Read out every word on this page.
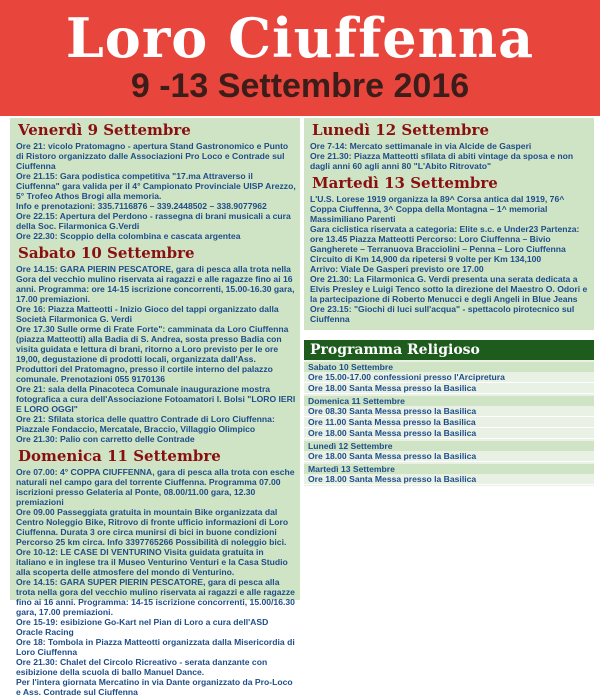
Loro Ciuffenna
9 -13 Settembre 2016
Venerdì 9 Settembre
Ore 21: vicolo Pratomagno - apertura Stand Gastronomico e Punto di Ristoro organizzato dalle Associazioni Pro Loco e Contrade sul Ciuffenna
Ore 21.15: Gara podistica competitiva "17.ma Attraverso il Ciuffenna" gara valida per il 4° Campionato Provinciale UISP Arezzo, 5° Trofeo Athos Brogi alla memoria.
Info e prenotazioni: 335.7116876 – 339.2448502 – 338.9077962
Ore 22.15: Apertura del Perdono - rassegna di brani musicali a cura della Soc. Filarmonica G.Verdi
Ore 22.30: Scoppio della colombina e cascata argentea
Sabato 10 Settembre
Ore 14.15: GARA PIERIN PESCATORE, gara di pesca alla trota nella Gora del vecchio mulino riservata ai ragazzi e alle ragazze fino ai 16 anni. Programma: ore 14-15 iscrizione concorrenti, 15.00-16.30 gara, 17.00 premiazioni.
Ore 16: Piazza Matteotti - Inizio Gioco del tappi organizzato dalla Società Filarmonica G. Verdi
Ore 17.30 Sulle orme di Frate Forte": camminata da Loro Ciuffenna (piazza Matteotti) alla Badia di S. Andrea, sosta presso Badia con visita guidata e lettura di brani, ritorno a Loro previsto per le ore 19,00, degustazione di prodotti locali, organizzata dall'Ass. Produttori del Pratomagno, presso il cortile interno del palazzo comunale. Prenotazioni 055 9170136
Ore 21: sala della Pinacoteca Comunale inaugurazione mostra fotografica a cura dell'Associazione Fotoamatori I. Bolsi "LORO IERI E LORO OGGI"
Ore 21: Sfilata storica delle quattro Contrade di Loro Ciuffenna: Piazzale Fondaccio, Mercatale, Braccio, Villaggio Olimpico
Ore 21.30: Palio con carretto delle Contrade
Domenica 11 Settembre
Ore 07.00: 4° COPPA CIUFFENNA, gara di pesca alla trota con esche naturali nel campo gara del torrente Ciuffenna. Programma 07.00 iscrizioni presso Gelateria al Ponte, 08.00/11.00 gara, 12.30 premiazioni
Ore 09.00 Passeggiata gratuita in mountain Bike organizzata dal Centro Noleggio Bike, Ritrovo di fronte ufficio informazioni di Loro Ciuffenna. Durata 3 ore circa munirsi di bici in buone condizioni Percorso 25 km circa. Info 3397765266 Possibilità di noleggio bici.
Ore 10-12: LE CASE DI VENTURINO Visita guidata gratuita in italiano e in inglese tra il Museo Venturino Venturi e la Casa Studio alla scoperta delle atmosfere del mondo di Venturino.
Ore 14.15: GARA SUPER PIERIN PESCATORE, gara di pesca alla trota nella gora del vecchio mulino riservata ai ragazzi e alle ragazze fino ai 16 anni. Programma: 14-15 iscrizione concorrenti, 15.00/16.30 gara, 17.00 premiazioni.
Ore 15-19: esibizione Go-Kart nel Pian di Loro a cura dell'ASD Oracle Racing
Ore 18: Tombola in Piazza Matteotti organizzata dalla Misericordia di Loro Ciuffenna
Ore 21.30: Chalet del Circolo Ricreativo - serata danzante con esibizione della scuola di ballo Manuel Dance.
Per l'intera giornata Mercatino in via Dante organizzato da Pro-Loco e Ass. Contrade sul Ciuffenna
Lunedì 12 Settembre
Ore 7-14: Mercato settimanale in via Alcide de Gasperi
Ore 21.30: Piazza Matteotti sfilata di abiti vintage da sposa e non dagli anni 60 agli anni 80 "L'Abito Ritrovato"
Martedì 13 Settembre
L'U.S. Lorese 1919 organizza la 89^ Corsa antica dal 1919, 76^ Coppa Ciuffenna, 3^ Coppa della Montagna – 1^ memorial Massimiliano Parenti
Gara ciclistica riservata a categoria: Elite s.c. e Under23 Partenza: ore 13.45 Piazza Matteotti Percorso: Loro Ciuffenna – Bivio Gangherete – Terranuova Bracciolini – Penna – Loro Ciuffenna
Circuito di Km 14,900 da ripetersi 9 volte per Km 134,100
Arrivo: Viale De Gasperi previsto ore 17.00
Ore 21.30: La Filarmonica G. Verdi presenta una serata dedicata a Elvis Presley e Luigi Tenco sotto la direzione del Maestro O. Odori e la partecipazione di Roberto Menucci e degli Angeli in Blue Jeans
Ore 23.15: "Giochi di luci sull'acqua" - spettacolo pirotecnico sul Ciuffenna
Programma Religioso
Sabato 10 Settembre
Ore 15.00-17.00 confessioni presso l'Arcipretura
Ore 18.00 Santa Messa presso la Basilica
Domenica 11 Settembre
Ore 08.30 Santa Messa presso la Basilica
Ore 11.00 Santa Messa presso la Basilica
Ore 18.00 Santa Messa presso la Basilica
Lunedì 12 Settembre
Ore 18.00 Santa Messa presso la Basilica
Martedì 13 Settembre
Ore 18.00 Santa Messa presso la Basilica
